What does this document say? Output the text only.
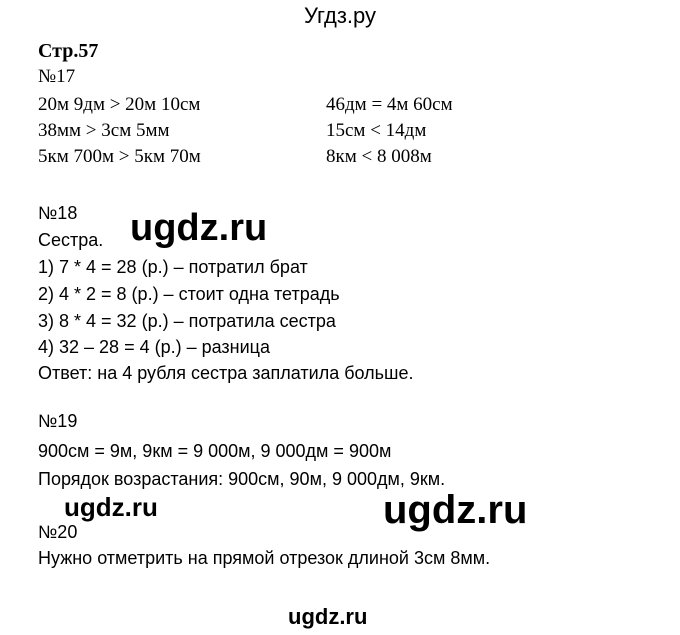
Угдз.ру
Стр.57
№17
20м 9дм > 20м 10см
38мм > 3см 5мм
5км 700м > 5км 70м
46дм = 4м 60см
15см < 14дм
8км < 8 008м
№18
Сестра.
1) 7 * 4 = 28 (р.) – потратил брат
2) 4 * 2 = 8 (р.) – стоит одна тетрадь
3) 8 * 4 = 32 (р.) – потратила сестра
4) 32 – 28 = 4 (р.) – разница
Ответ: на 4 рубля сестра заплатила больше.
№19
900см = 9м, 9км = 9 000м, 9 000дм = 900м
Порядок возрастания: 900см, 90м, 9 000дм, 9км.
№20
Нужно отметрить на прямой отрезок длиной 3см 8мм.
ugdz.ru
ugdz.ru	ugdz.ru
ugdz.ru
